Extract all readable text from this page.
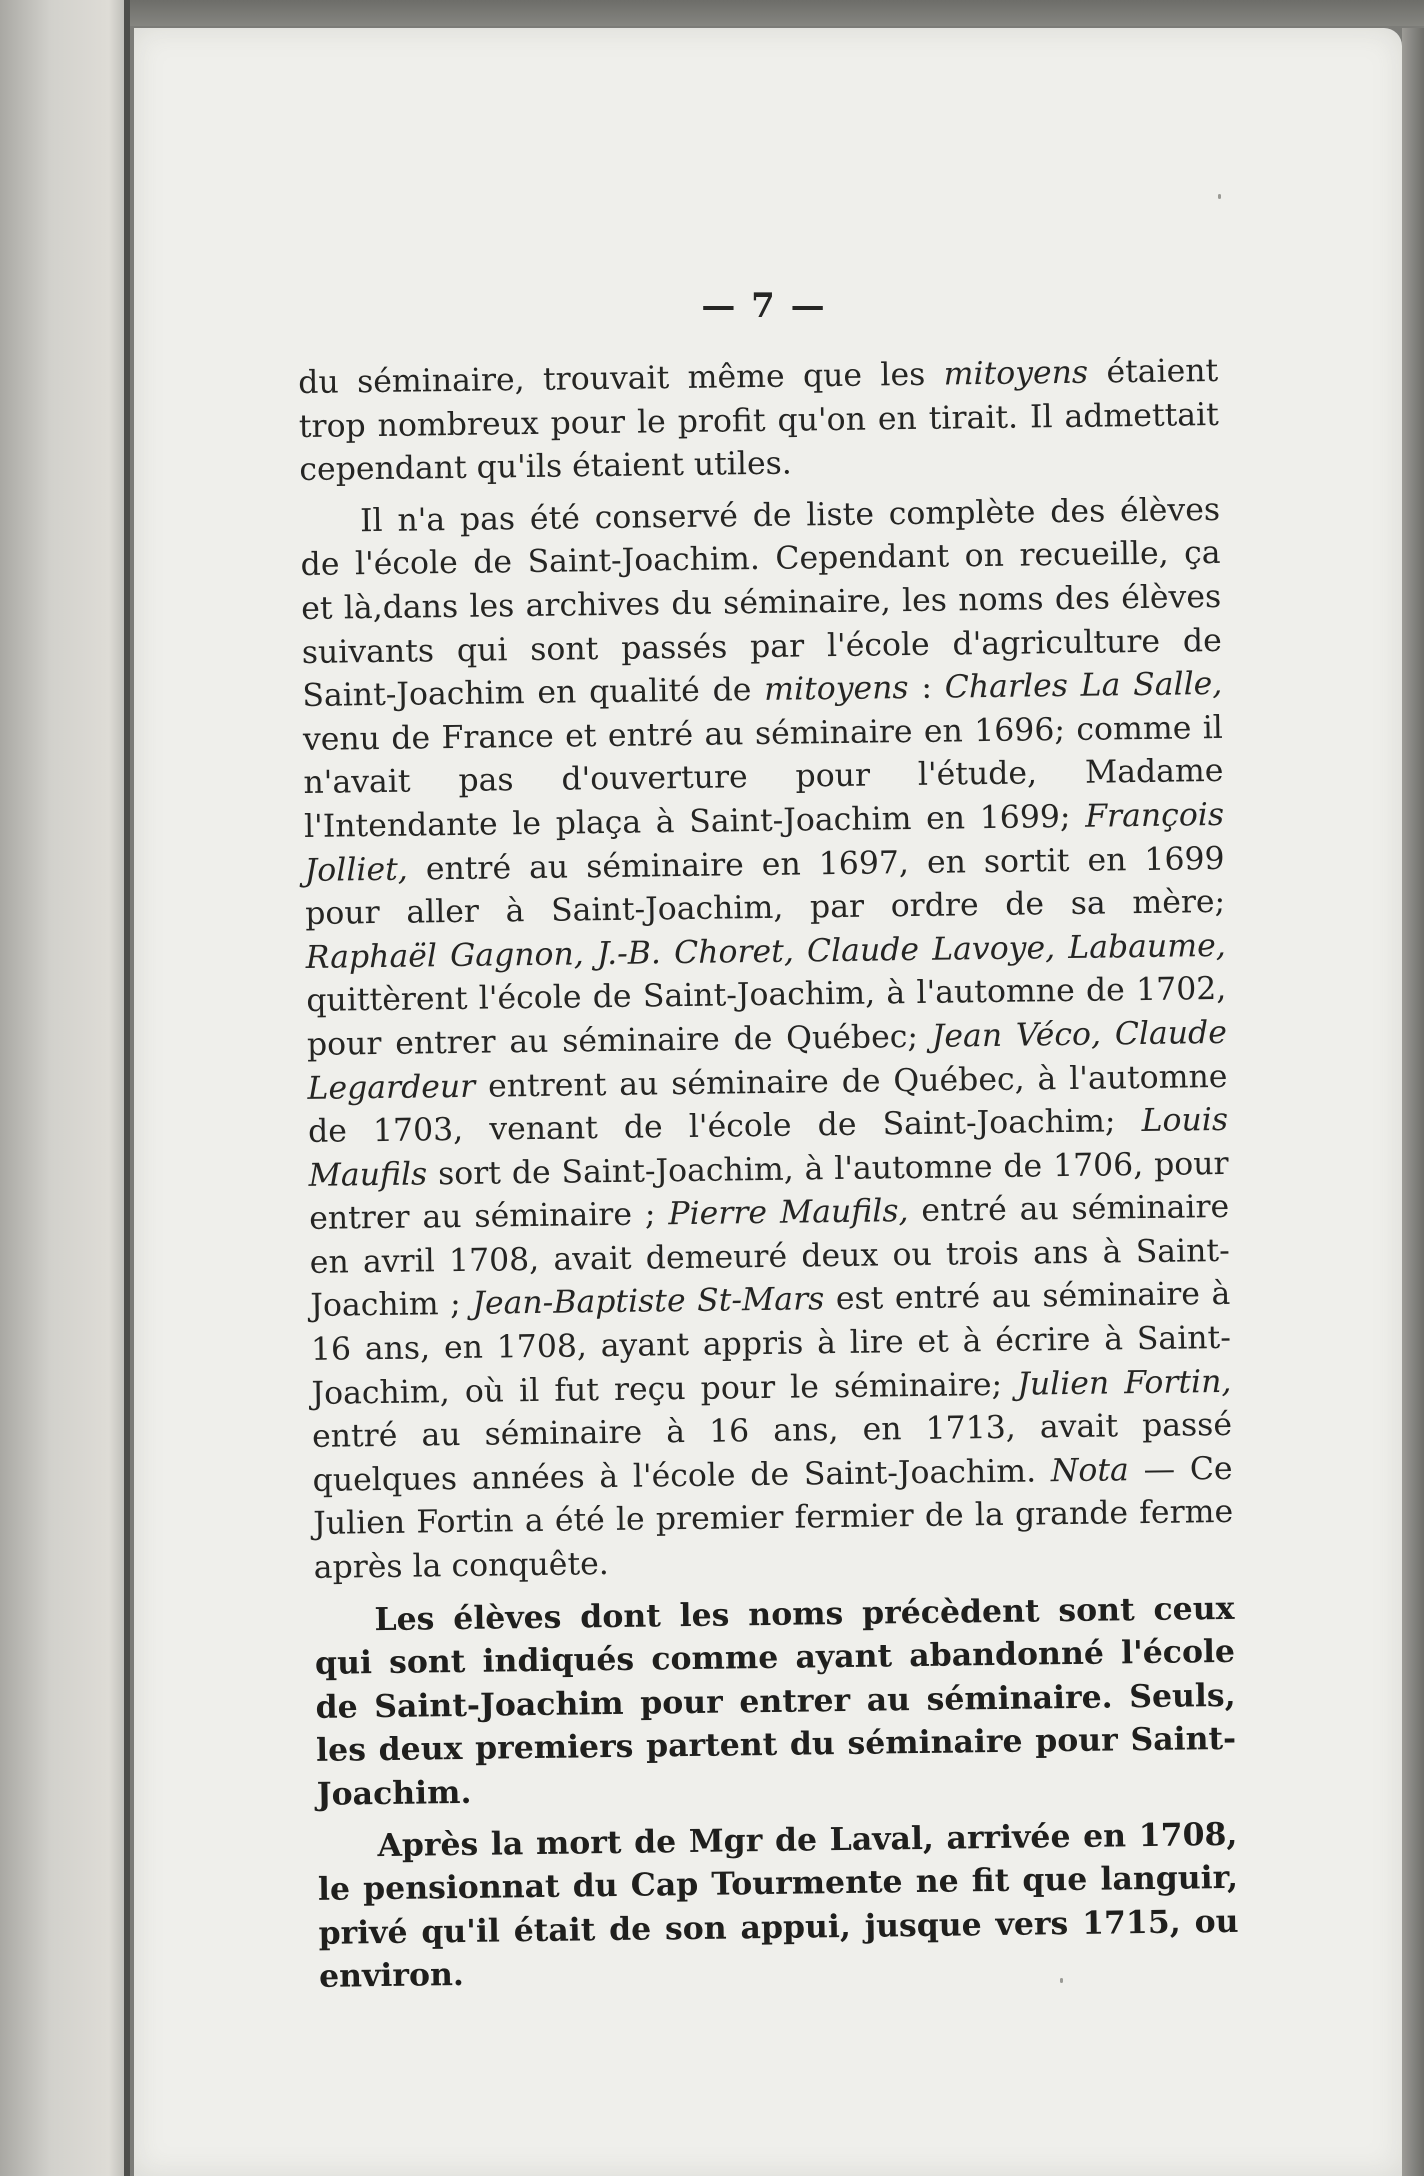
— 7 —

du séminaire, trouvait même que les mitoyens étaient trop nombreux pour le profit qu'on en tirait. Il admettait cependant qu'ils étaient utiles.

Il n'a pas été conservé de liste complète des élèves de l'école de Saint-Joachim. Cependant on recueille, ça et là,dans les archives du séminaire, les noms des élèves suivants qui sont passés par l'école d'agriculture de Saint-Joachim en qualité de mitoyens : Charles La Salle, venu de France et entré au séminaire en 1696; comme il n'avait pas d'ouverture pour l'étude, Madame l'Intendante le plaça à Saint-Joachim en 1699; François Jolliet, entré au séminaire en 1697, en sortit en 1699 pour aller à Saint-Joachim, par ordre de sa mère; Raphaël Gagnon, J.-B. Choret, Claude Lavoye, Labaume, quittèrent l'école de Saint-Joachim, à l'automne de 1702, pour entrer au séminaire de Québec; Jean Véco, Claude Legardeur entrent au séminaire de Québec, à l'automne de 1703, venant de l'école de Saint-Joachim; Louis Maufils sort de Saint-Joachim, à l'automne de 1706, pour entrer au séminaire ; Pierre Maufils, entré au séminaire en avril 1708, avait demeuré deux ou trois ans à Saint-Joachim ; Jean-Baptiste St-Mars est entré au séminaire à 16 ans, en 1708, ayant appris à lire et à écrire à Saint-Joachim, où il fut reçu pour le séminaire; Julien Fortin, entré au séminaire à 16 ans, en 1713, avait passé quelques années à l'école de Saint-Joachim. Nota — Ce Julien Fortin a été le premier fermier de la grande ferme après la conquête.

Les élèves dont les noms précèdent sont ceux qui sont indiqués comme ayant abandonné l'école de Saint-Joachim pour entrer au séminaire. Seuls, les deux premiers partent du séminaire pour Saint-Joachim.

Après la mort de Mgr de Laval, arrivée en 1708, le pensionnat du Cap Tourmente ne fit que languir, privé qu'il était de son appui, jusque vers 1715, ou environ.
